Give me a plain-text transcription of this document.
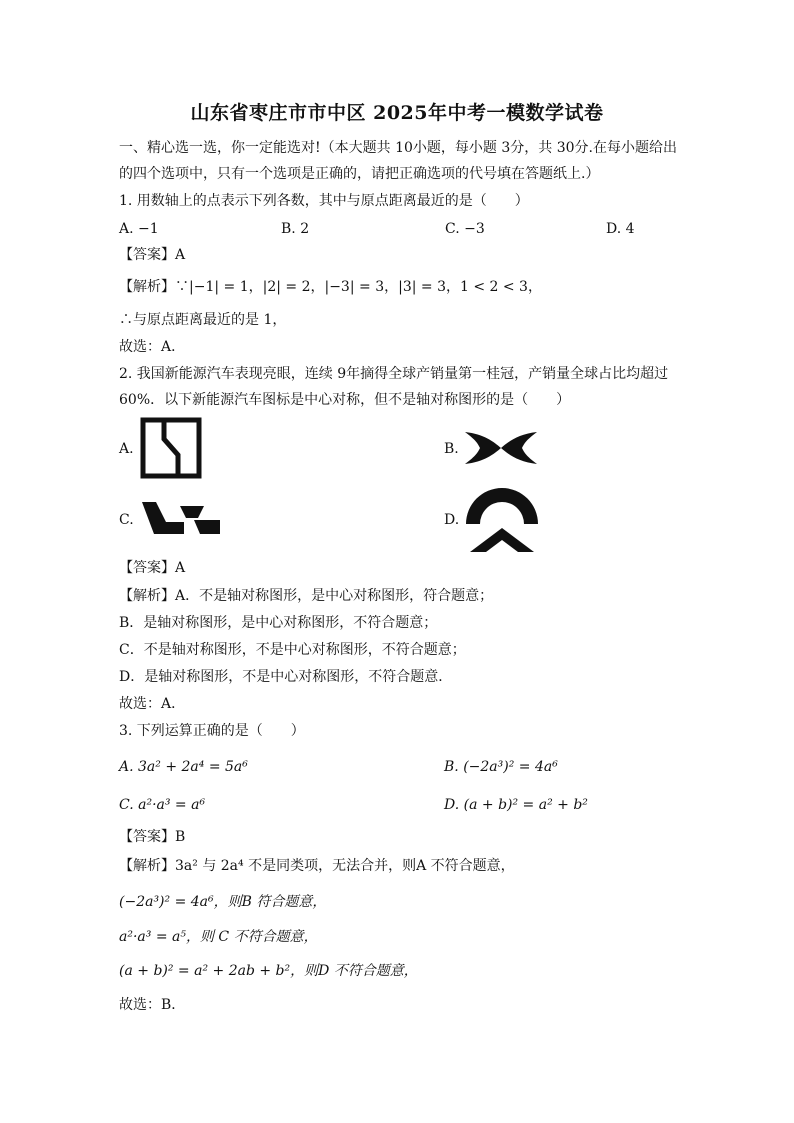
山东省枣庄市市中区 2025年中考一模数学试卷
一、精心选一选，你一定能选对!（本大题共 10小题，每小题 3分，共 30分.在每小题给出
的四个选项中，只有一个选项是正确的，请把正确选项的代号填在答题纸上.）
1. 用数轴上的点表示下列各数，其中与原点距离最近的是（　　）
A. −1	B. 2	C. −3	D. 4
【答案】A
【解析】∵|−1| = 1，|2| = 2，|−3| = 3，|3| = 3，1 < 2 < 3，
∴与原点距离最近的是 1，
故选：A．
2. 我国新能源汽车表现亮眼，连续 9年摘得全球产销量第一桂冠，产销量全球占比均超过
60%．以下新能源汽车图标是中心对称，但不是轴对称图形的是（　　）
A.	B.
C.	D.
【答案】A
【解析】A．不是轴对称图形，是中心对称图形，符合题意；
B．是轴对称图形，是中心对称图形，不符合题意；
C．不是轴对称图形，不是中心对称图形，不符合题意；
D．是轴对称图形，不是中心对称图形，不符合题意．
故选：A．
3. 下列运算正确的是（　　）
A. 3a² + 2a⁴ = 5a⁶	B. (−2a³)² = 4a⁶
C. a²·a³ = a⁶	D. (a + b)² = a² + b²
【答案】B
【解析】3a² 与 2a⁴ 不是同类项，无法合并，则A 不符合题意，
(−2a³)² = 4a⁶，则B 符合题意，
a²·a³ = a⁵，则 C 不符合题意，
(a + b)² = a² + 2ab + b²，则D 不符合题意，
故选：B．
